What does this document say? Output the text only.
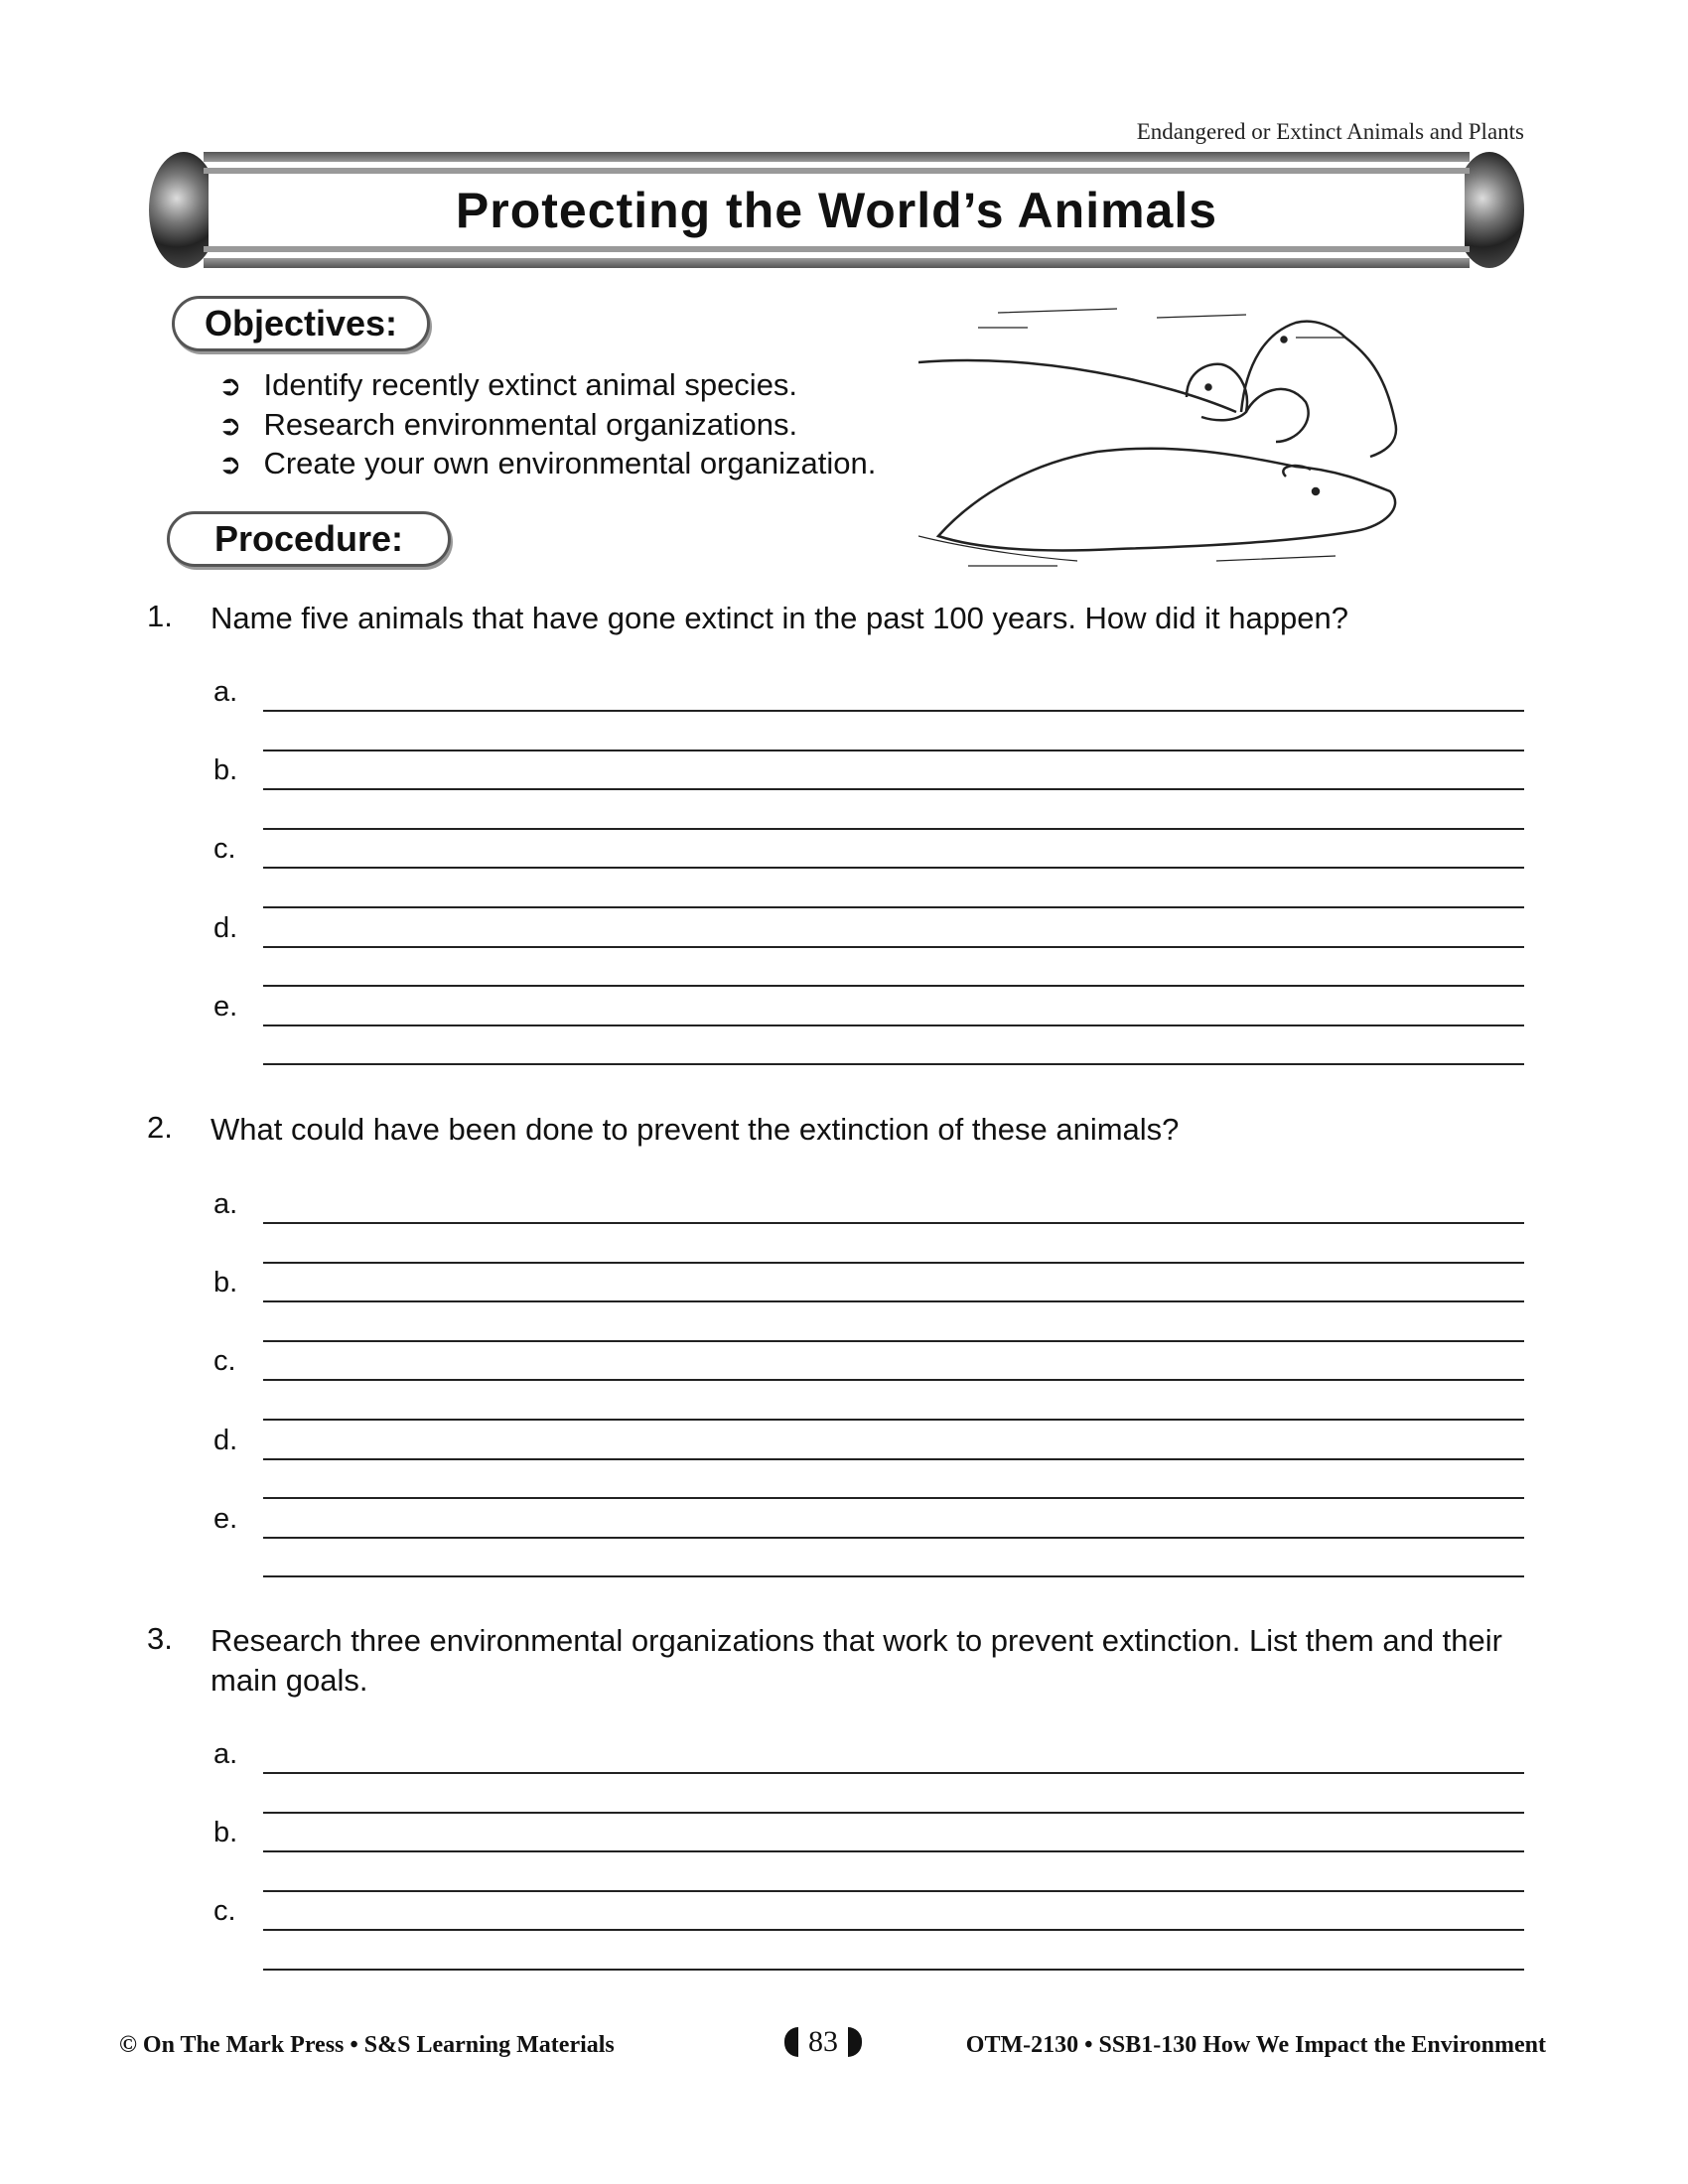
Endangered or Extinct Animals and Plants
Protecting the World’s Animals
Objectives:
➲ Identify recently extinct animal species.
➲ Research environmental organizations.
➲ Create your own environmental organization.
Procedure:
1. Name five animals that have gone extinct in the past 100 years. How did it happen?
2. What could have been done to prevent the extinction of these animals?
3. Research three environmental organizations that work to prevent extinction. List them and their main goals.
a.
b.
c.
d.
e.
a.
b.
c.
d.
e.
a.
b.
c.
© On The Mark Press • S&S Learning Materials	83	OTM-2130 • SSB1-130 How We Impact the Environment
